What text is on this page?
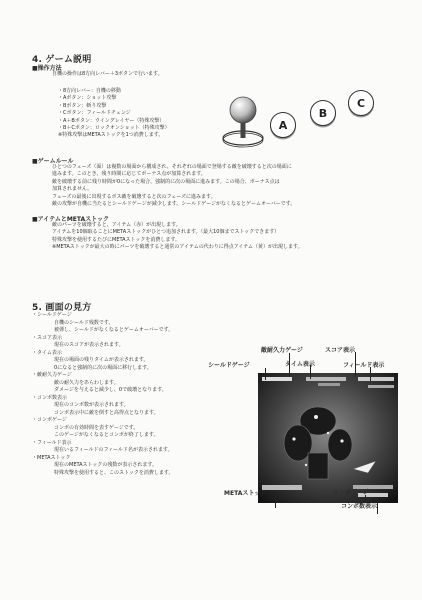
4. ゲーム説明
■操作方法
自機の操作は8方向レバー＋3ボタンで行います。
・8方向レバー：自機の移動
・Aボタン：ショット攻撃
・Bボタン：斬り攻撃
・Cボタン：フィールドチェンジ
・A＋Bボタン：ウイングレイヤー（特殊攻撃）
・B＋Cボタン：ロックオンショット（特殊攻撃）
※特殊攻撃はMETAストックを1つ消費します。
A
B
C
■ゲームルール
ひとつのフェーズ（面）は複数の場面から構成され、それぞれの場面で登場する敵を破壊すると次の場面に
進みます。このとき、残り時間に応じてボーナス点が加算されます。
敵を破壊する前に残り時間が0になった場合、強制的に次の場面に進みます。この場合、ボーナス点は
加算されません。
フェーズの最後に出現するボス敵を破壊すると次のフェーズに進みます。
敵の攻撃が自機に当たるとシールドゲージが減少します。シールドゲージがなくなるとゲームオーバーです。
■アイテムとMETAストック
敵のパーツを破壊すると、アイテム（赤）が出現します。
アイテムを10個取ることにMETAストックがひとつ追加されます。（最大10個までストックできます）
特殊攻撃を使用するたびにMETAストックを消費します。
※METAストックが最大の時にパーツを破壊すると通常のアイテムの代わりに得点アイテム（黄）が出現します。
5. 画面の見方
・シールドゲージ
自機のシールド残数です。
被弾し、シールドがなくなるとゲームオーバーです。
・スコア表示
現在のスコアが表示されます。
・タイム表示
現在の場面の残りタイムが表示されます。
0になると強制的に次の場面に移行します。
・敵耐久力ゲージ
敵の耐久力をあらわします。
ダメージを与えると減少し、0で破壊となります。
・コンボ数表示
現在のコンボ数が表示されます。
コンボ表示中に敵を倒すと高得点となります。
・コンボゲージ
コンボの有効時間を表すゲージです。
このゲージがなくなるとコンボが終了します。
・フィールド表示
現在いるフィールドのフィールド名が表示されます。
・METAストック
現在のMETAストックの残数が表示されます。
特殊攻撃を使用すると、このストックを消費します。
敵耐久力ゲージ	スコア表示
シールドゲージ	タイム表示	フィールド表示
METAストック	コンボゲージ
コンボ数表示
